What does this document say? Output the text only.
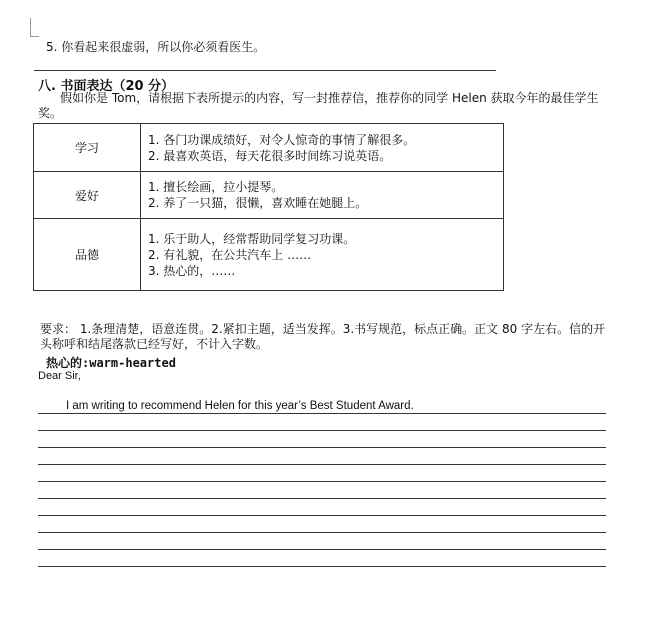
5. 你看起来很虚弱，所以你必须看医生。
八. 书面表达（20 分）
假如你是 Tom，请根据下表所提示的内容，写一封推荐信，推荐你的同学 Helen 获取今年的最佳学生奖。
学习	1. 各门功课成绩好，对令人惊奇的事情了解很多。
2. 最喜欢英语，每天花很多时间练习说英语。

爱好	1. 擅长绘画，拉小提琴。
2. 养了一只猫，很懒，喜欢睡在她腿上。

品德	1. 乐于助人，经常帮助同学复习功课。
2. 有礼貌，在公共汽车上 ……
3. 热心的，……
要求： 1.条理清楚，语意连贯。2.紧扣主题，适当发挥。3.书写规范，标点正确。正文 80 字左右。信的开头称呼和结尾落款已经写好，不计入字数。
热心的:warm-hearted
Dear Sir,
I am writing to recommend Helen for this year’s Best Student Award.
